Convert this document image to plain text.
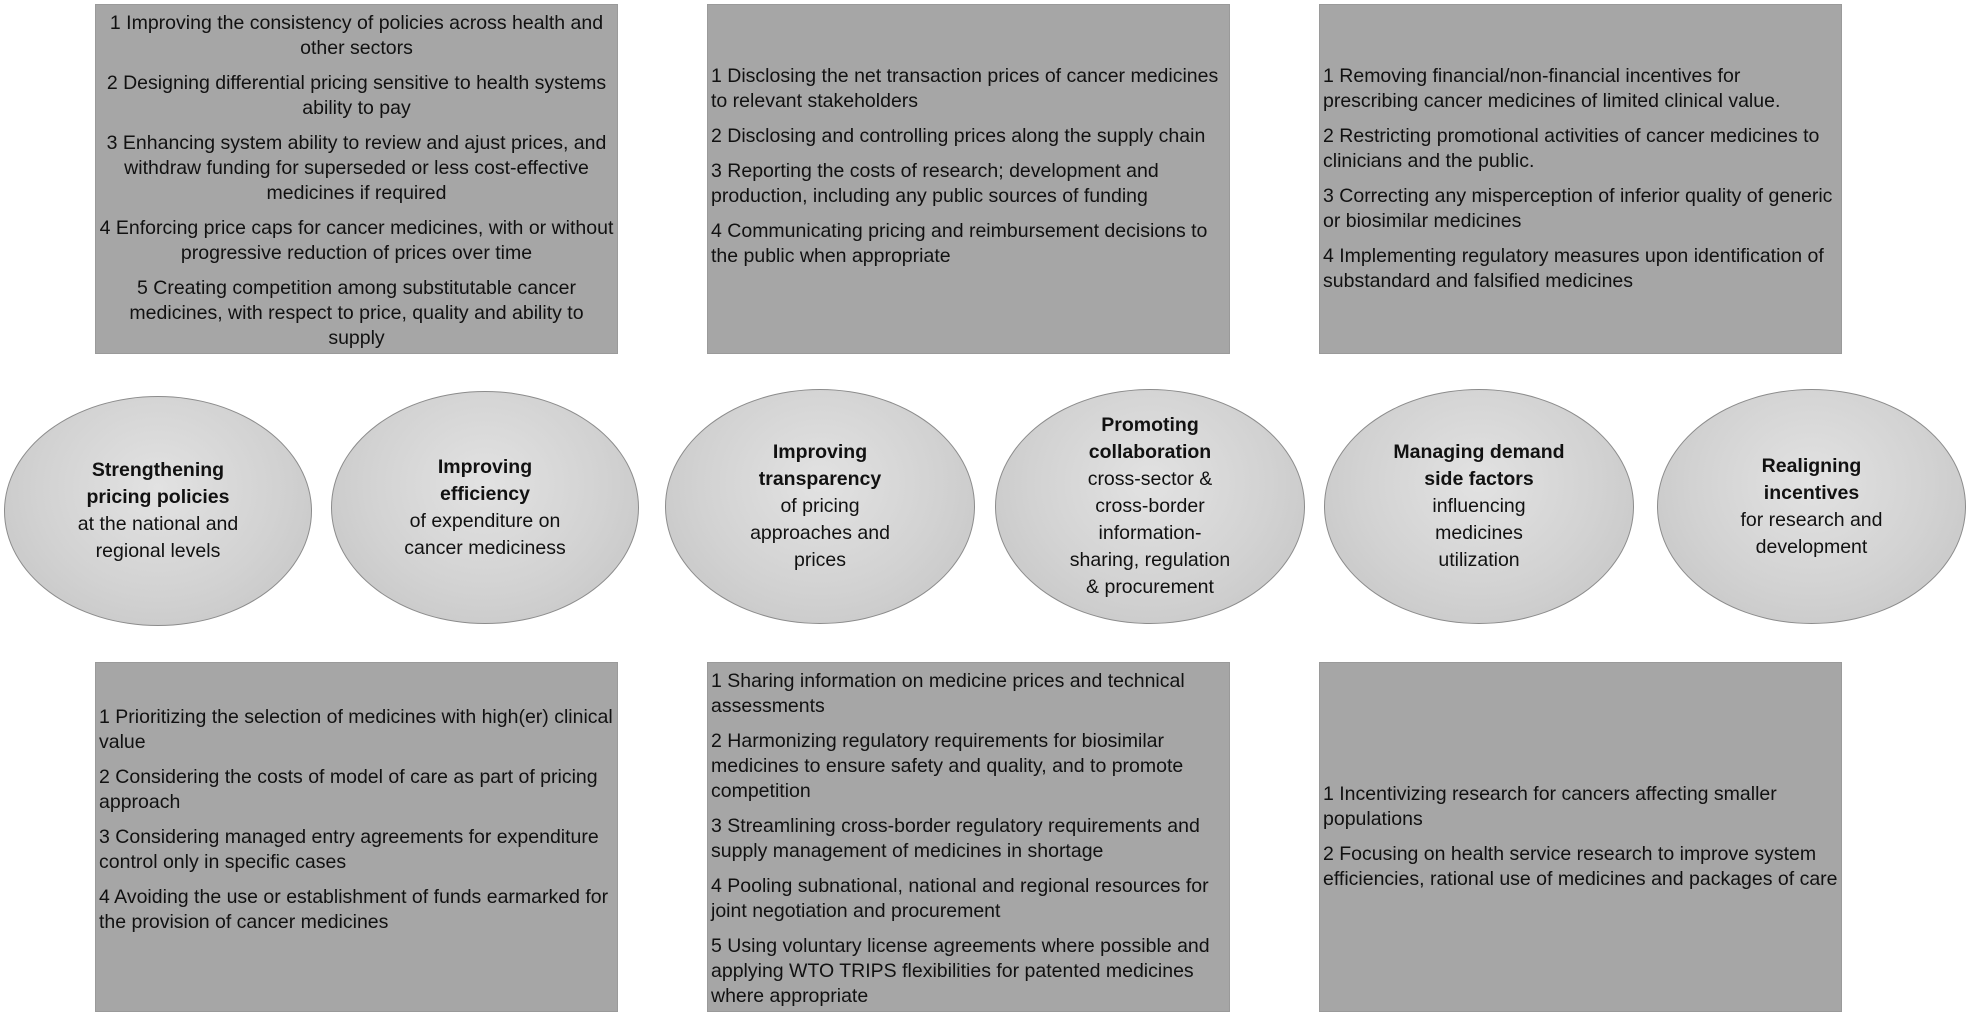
1 Improving the consistency of policies across health and other sectors

2 Designing differential pricing sensitive to health systems ability to pay

3 Enhancing system ability to review and ajust prices, and withdraw funding for superseded or less cost-effective medicines if required

4 Enforcing price caps for cancer medicines, with or without progressive reduction of prices over time

5 Creating competition among substitutable cancer medicines, with respect to price, quality and ability to supply

1 Disclosing the net transaction prices of cancer medicines to relevant stakeholders

2 Disclosing and controlling prices along the supply chain

3 Reporting the costs of research; development and production, including any public sources of funding

4 Communicating pricing and reimbursement decisions to the public when appropriate

1 Removing financial/non-financial incentives for prescribing cancer medicines of limited clinical value.

2 Restricting promotional activities of cancer medicines to clinicians and the public.

3 Correcting any misperception of inferior quality of generic or biosimilar medicines

4 Implementing regulatory measures upon identification of substandard and falsified medicines

Strengthening
pricing policies
at the national and
regional levels
Improving
efficiency
of expenditure on
cancer mediciness
Improving
transparency
of pricing
approaches and
prices
Promoting
collaboration
cross-sector &
cross-border
information-
sharing, regulation
& procurement
Managing demand
side factors
influencing
medicines
utilization
Realigning
incentives
for research and
development

1 Prioritizing the selection of medicines with high(er) clinical value

2 Considering the costs of model of care as part of pricing approach

3 Considering managed entry agreements for expenditure control only in specific cases

4 Avoiding the use or establishment of funds earmarked for the provision of cancer medicines

1 Sharing information on medicine prices and technical assessments

2 Harmonizing regulatory requirements for biosimilar medicines to ensure safety and quality, and to promote competition

3 Streamlining cross-border regulatory requirements and supply management of medicines in shortage

4 Pooling subnational, national and regional resources for joint negotiation and procurement

5 Using voluntary license agreements where possible and applying WTO TRIPS flexibilities for patented medicines where appropriate

1 Incentivizing research for cancers affecting smaller populations

2 Focusing on health service research to improve system efficiencies, rational use of medicines and packages of care
